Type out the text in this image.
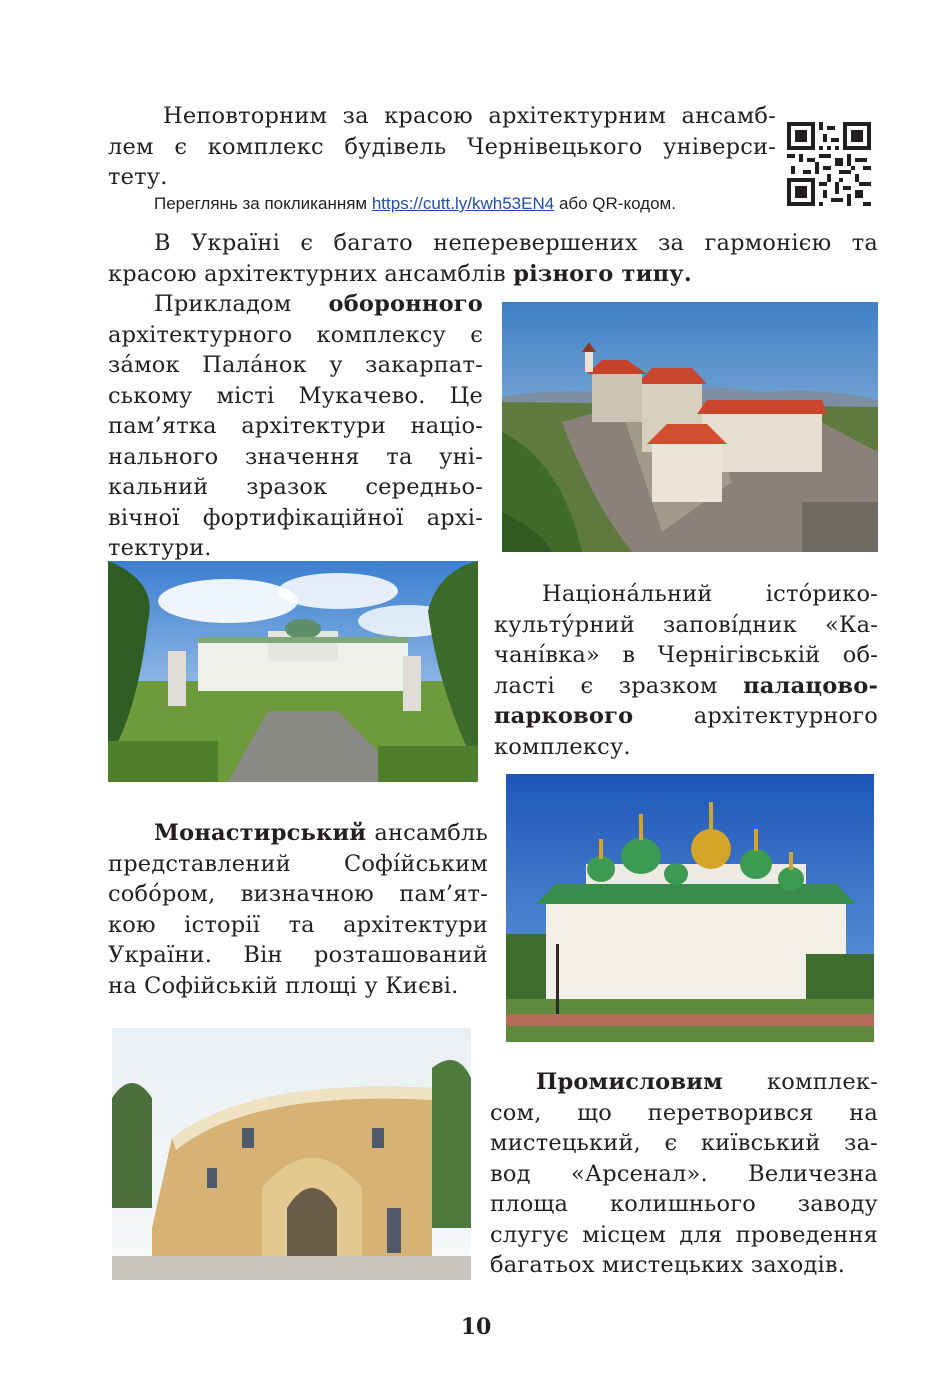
Неповторним за красою архітектурним ансамб-
лем є комплекс будівель Чернівецького універси-
тету.
Переглянь за покликанням https://cutt.ly/kwh53EN4 або QR-кодом.
В Україні є багато неперевершених за гармонією та
красою архітектурних ансамблів різного типу.
Прикладом оборонного
архітектурного комплексу є
за́мок Пала́нок у закарпат-
ському місті Мукачево. Це
пам’ятка архітектури націо-
нального значення та уні-
кальний зразок середньо-
вічної фортифікаційної архі-
тектури.
Націона́льний істо́рико-
культу́рний запові́дник «Ка-
чані́вка» в Чернігівській об-
ласті є зразком палацово-
паркового	архітектурного
комплексу.
Монастирський ансамбль
представлений Софі́йським
собо́ром, визначною пам’ят-
кою історії та архітектури
України. Він розташований
на Софійській площі у Києві.
Промисловим комплек-
сом, що перетворився на
мистецький, є київський за-
вод «Арсенал». Величезна
площа колишнього заводу
слугує місцем для проведення
багатьох мистецьких заходів.
10
